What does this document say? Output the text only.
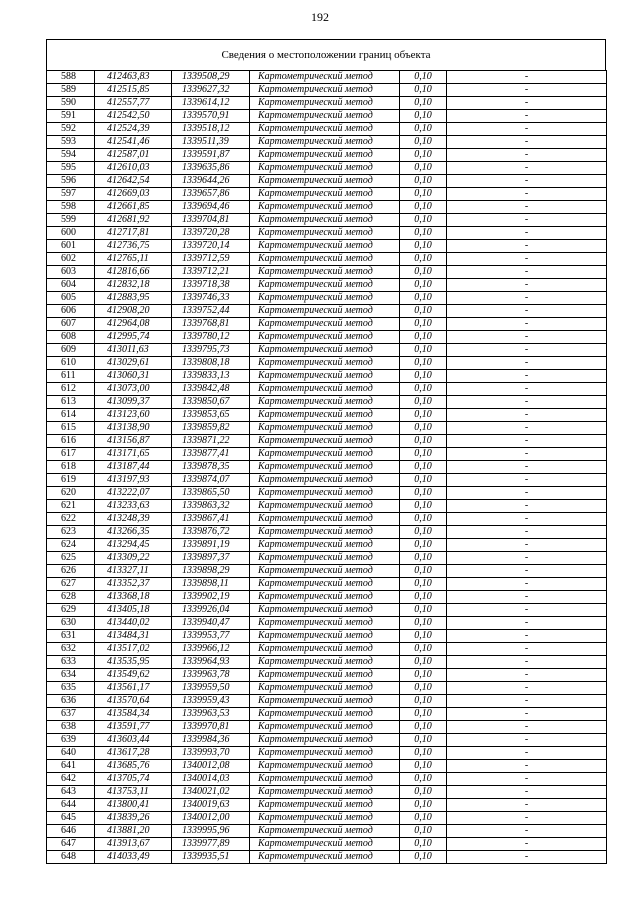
192
Сведения о местоположении границ объекта
588	412463,83	1339508,29	Картометрический метод	0,10	-
589	412515,85	1339627,32	Картометрический метод	0,10	-
590	412557,77	1339614,12	Картометрический метод	0,10	-
591	412542,50	1339570,91	Картометрический метод	0,10	-
592	412524,39	1339518,12	Картометрический метод	0,10	-
593	412541,46	1339511,39	Картометрический метод	0,10	-
594	412587,01	1339591,87	Картометрический метод	0,10	-
595	412610,03	1339635,86	Картометрический метод	0,10	-
596	412642,54	1339644,26	Картометрический метод	0,10	-
597	412669,03	1339657,86	Картометрический метод	0,10	-
598	412661,85	1339694,46	Картометрический метод	0,10	-
599	412681,92	1339704,81	Картометрический метод	0,10	-
600	412717,81	1339720,28	Картометрический метод	0,10	-
601	412736,75	1339720,14	Картометрический метод	0,10	-
602	412765,11	1339712,59	Картометрический метод	0,10	-
603	412816,66	1339712,21	Картометрический метод	0,10	-
604	412832,18	1339718,38	Картометрический метод	0,10	-
605	412883,95	1339746,33	Картометрический метод	0,10	-
606	412908,20	1339752,44	Картометрический метод	0,10	-
607	412964,08	1339768,81	Картометрический метод	0,10	-
608	412995,74	1339780,12	Картометрический метод	0,10	-
609	413011,63	1339795,73	Картометрический метод	0,10	-
610	413029,61	1339808,18	Картометрический метод	0,10	-
611	413060,31	1339833,13	Картометрический метод	0,10	-
612	413073,00	1339842,48	Картометрический метод	0,10	-
613	413099,37	1339850,67	Картометрический метод	0,10	-
614	413123,60	1339853,65	Картометрический метод	0,10	-
615	413138,90	1339859,82	Картометрический метод	0,10	-
616	413156,87	1339871,22	Картометрический метод	0,10	-
617	413171,65	1339877,41	Картометрический метод	0,10	-
618	413187,44	1339878,35	Картометрический метод	0,10	-
619	413197,93	1339874,07	Картометрический метод	0,10	-
620	413222,07	1339865,50	Картометрический метод	0,10	-
621	413233,63	1339863,32	Картометрический метод	0,10	-
622	413248,39	1339867,41	Картометрический метод	0,10	-
623	413266,35	1339876,72	Картометрический метод	0,10	-
624	413294,45	1339891,19	Картометрический метод	0,10	-
625	413309,22	1339897,37	Картометрический метод	0,10	-
626	413327,11	1339898,29	Картометрический метод	0,10	-
627	413352,37	1339898,11	Картометрический метод	0,10	-
628	413368,18	1339902,19	Картометрический метод	0,10	-
629	413405,18	1339926,04	Картометрический метод	0,10	-
630	413440,02	1339940,47	Картометрический метод	0,10	-
631	413484,31	1339953,77	Картометрический метод	0,10	-
632	413517,02	1339966,12	Картометрический метод	0,10	-
633	413535,95	1339964,93	Картометрический метод	0,10	-
634	413549,62	1339963,78	Картометрический метод	0,10	-
635	413561,17	1339959,50	Картометрический метод	0,10	-
636	413570,64	1339959,43	Картометрический метод	0,10	-
637	413584,34	1339963,53	Картометрический метод	0,10	-
638	413591,77	1339970,81	Картометрический метод	0,10	-
639	413603,44	1339984,36	Картометрический метод	0,10	-
640	413617,28	1339993,70	Картометрический метод	0,10	-
641	413685,76	1340012,08	Картометрический метод	0,10	-
642	413705,74	1340014,03	Картометрический метод	0,10	-
643	413753,11	1340021,02	Картометрический метод	0,10	-
644	413800,41	1340019,63	Картометрический метод	0,10	-
645	413839,26	1340012,00	Картометрический метод	0,10	-
646	413881,20	1339995,96	Картометрический метод	0,10	-
647	413913,67	1339977,89	Картометрический метод	0,10	-
648	414033,49	1339935,51	Картометрический метод	0,10	-
